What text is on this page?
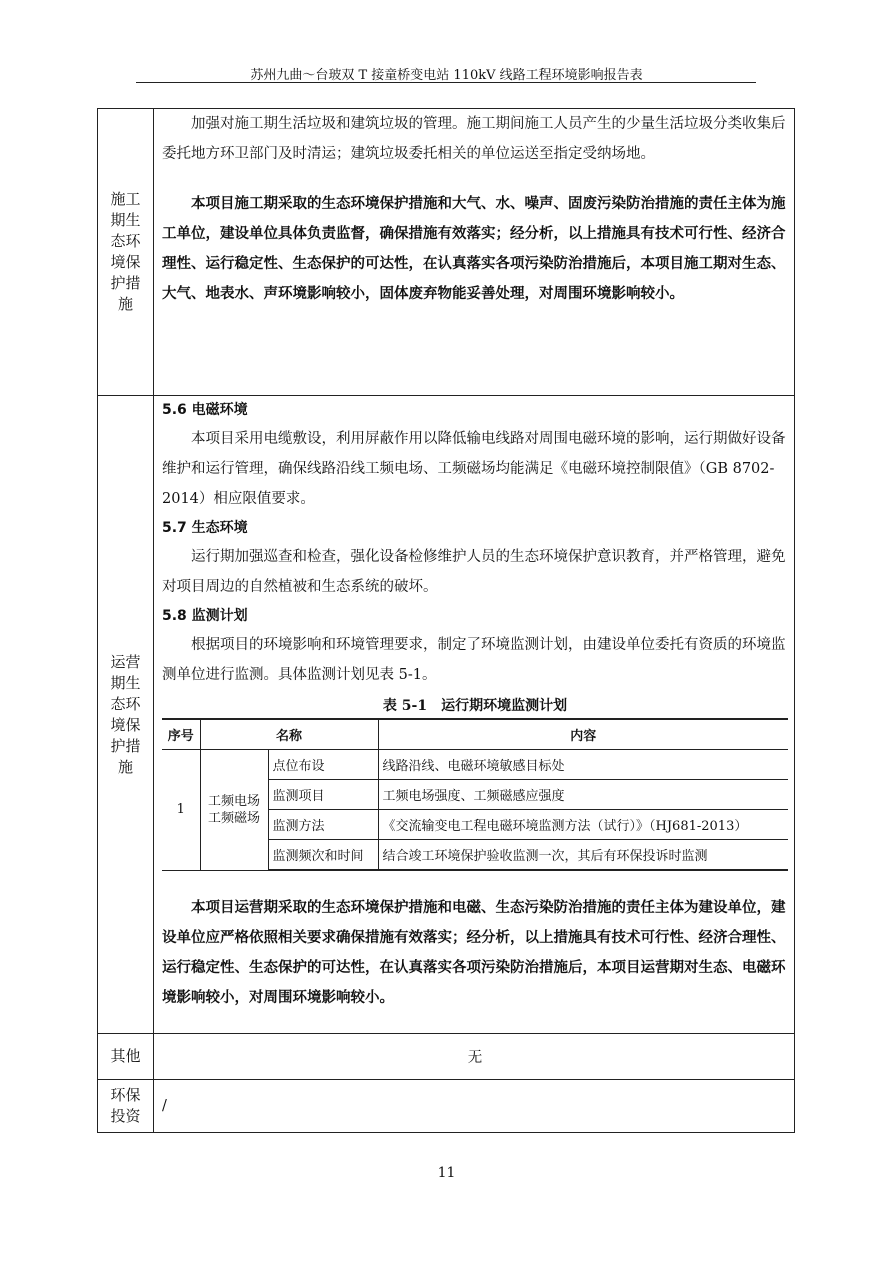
苏州九曲～台玻双 T 接童桥变电站 110kV 线路工程环境影响报告表
施工
期生
态环
境保
护措
施

加强对施工期生活垃圾和建筑垃圾的管理。施工期间施工人员产生的少量生活垃圾分类收集后委托地方环卫部门及时清运；建筑垃圾委托相关的单位运送至指定受纳场地。

本项目施工期采取的生态环境保护措施和大气、水、噪声、固废污染防治措施的责任主体为施工单位，建设单位具体负责监督，确保措施有效落实；经分析，以上措施具有技术可行性、经济合理性、运行稳定性、生态保护的可达性，在认真落实各项污染防治措施后，本项目施工期对生态、大气、地表水、声环境影响较小，固体废弃物能妥善处理，对周围环境影响较小。

运营
期生
态环
境保
护措
施

5.6 电磁环境

本项目采用电缆敷设，利用屏蔽作用以降低输电线路对周围电磁环境的影响，运行期做好设备维护和运行管理，确保线路沿线工频电场、工频磁场均能满足《电磁环境控制限值》（GB 8702-2014）相应限值要求。

5.7 生态环境

运行期加强巡查和检查，强化设备检修维护人员的生态环境保护意识教育，并严格管理，避免对项目周边的自然植被和生态系统的破坏。

5.8 监测计划

根据项目的环境影响和环境管理要求，制定了环境监测计划，由建设单位委托有资质的环境监测单位进行监测。具体监测计划见表 5-1。

表 5-1　运行期环境监测计划
序号	名称	内容
1	工频电场工频磁场	点位布设	线路沿线、电磁环境敏感目标处
监测项目	工频电场强度、工频磁感应强度
监测方法	《交流输变电工程电磁环境监测方法（试行）》（HJ681-2013）
监测频次和时间	结合竣工环境保护验收监测一次，其后有环保投诉时监测

本项目运营期采取的生态环境保护措施和电磁、生态污染防治措施的责任主体为建设单位，建设单位应严格依照相关要求确保措施有效落实；经分析，以上措施具有技术可行性、经济合理性、运行稳定性、生态保护的可达性，在认真落实各项污染防治措施后，本项目运营期对生态、电磁环境影响较小，对周围环境影响较小。

其他	无

环保
投资
	/
11
